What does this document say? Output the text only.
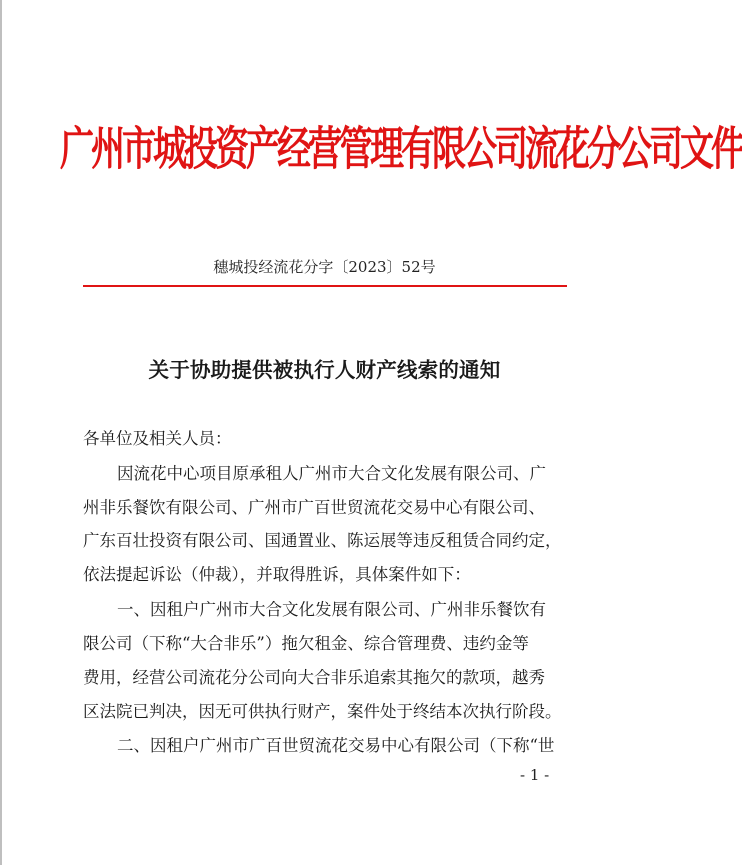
广州市城投资产经营管理有限公司流花分公司文件
穗城投经流花分字〔2023〕52号
关于协助提供被执行人财产线索的通知
各单位及相关人员：
因流花中心项目原承租人广州市大合文化发展有限公司、广
州非乐餐饮有限公司、广州市广百世贸流花交易中心有限公司、
广东百壮投资有限公司、国通置业、陈运展等违反租赁合同约定，
依法提起诉讼（仲裁），并取得胜诉，具体案件如下：
一、因租户广州市大合文化发展有限公司、广州非乐餐饮有
限公司（下称“大合非乐”）拖欠租金、综合管理费、违约金等
费用，经营公司流花分公司向大合非乐追索其拖欠的款项，越秀
区法院已判决，因无可供执行财产，案件处于终结本次执行阶段。
二、因租户广州市广百世贸流花交易中心有限公司（下称“世
- 1 -
